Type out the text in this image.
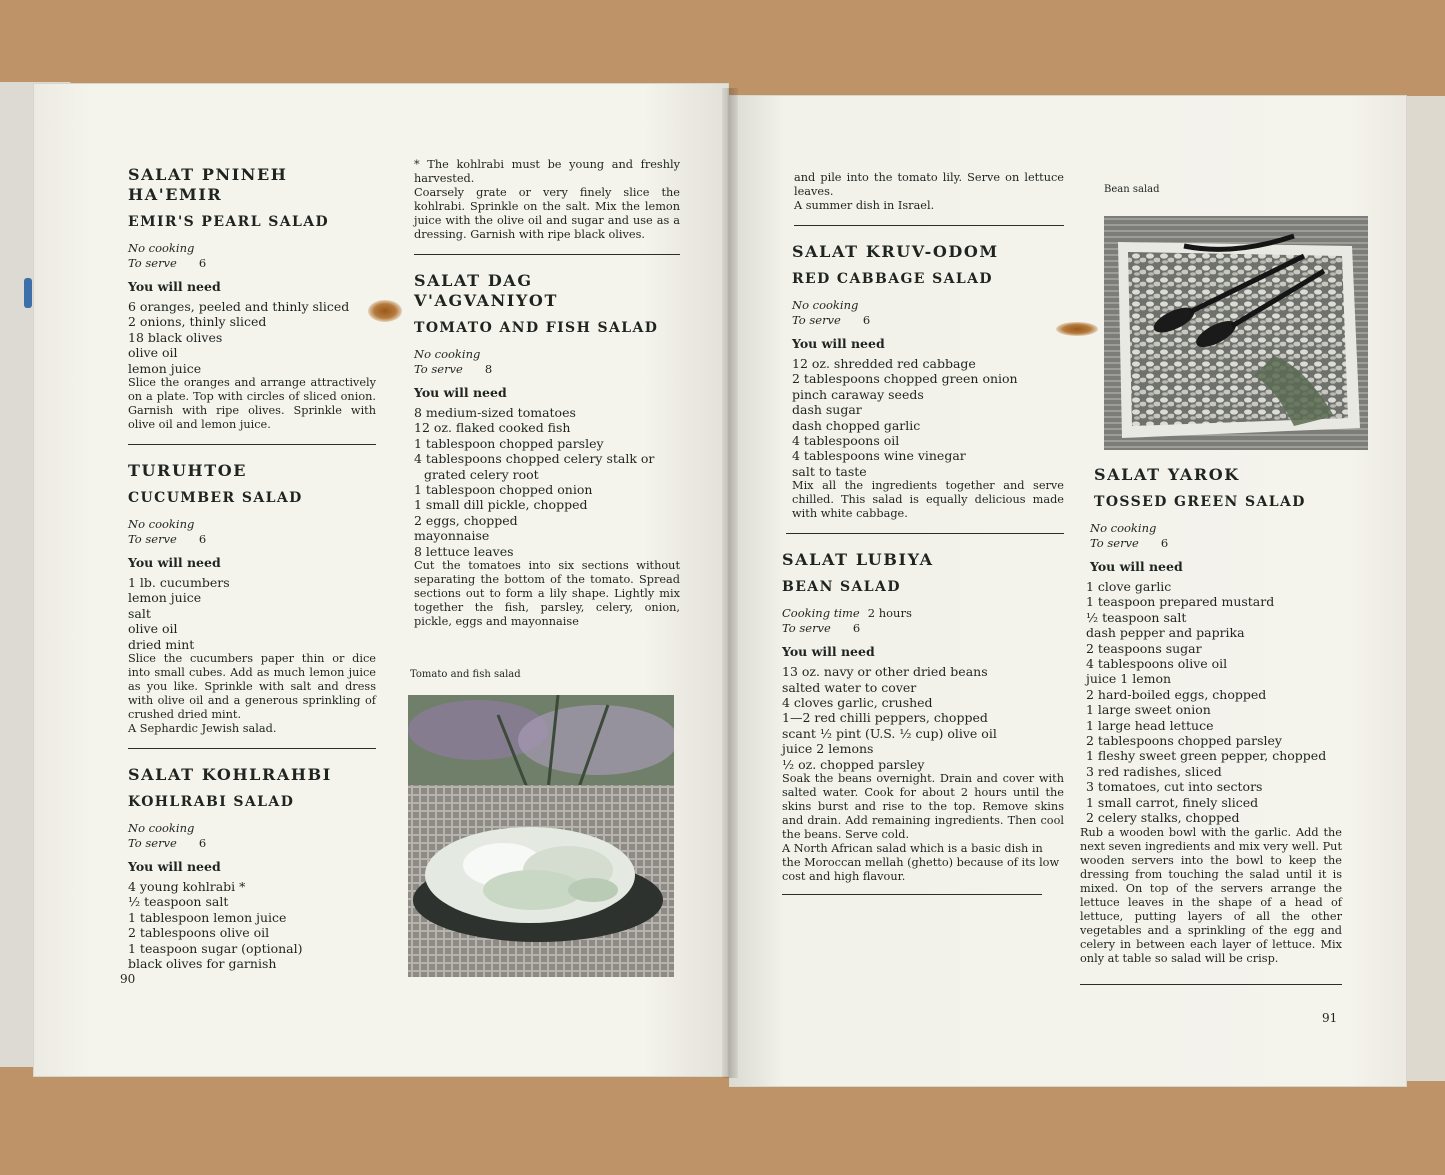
SALAT PNINEH HA'EMIR
EMIR'S PEARL SALAD
No cooking
To serve 6
You will need

6 oranges, peeled and thinly sliced

2 onions, thinly sliced

18 black olives

olive oil

lemon juice

Slice the oranges and arrange attractively on a plate. Top with circles of sliced onion. Garnish with ripe olives. Sprinkle with olive oil and lemon juice.

TURUHTOE
CUCUMBER SALAD
No cooking
To serve 6
You will need

1 lb. cucumbers

lemon juice

salt

olive oil

dried mint

Slice the cucumbers paper thin or dice into small cubes. Add as much lemon juice as you like. Sprinkle with salt and dress with olive oil and a generous sprinkling of crushed dried mint.

A Sephardic Jewish salad.

SALAT KOHLRAHBI
KOHLRABI SALAD
No cooking
To serve 6
You will need

4 young kohlrabi *

½ teaspoon salt

1 tablespoon lemon juice

2 tablespoons olive oil

1 teaspoon sugar (optional)

black olives for garnish

* The kohlrabi must be young and freshly harvested.

Coarsely grate or very finely slice the kohlrabi. Sprinkle on the salt. Mix the lemon juice with the olive oil and sugar and use as a dressing. Garnish with ripe black olives.

SALAT DAG V'AGVANIYOT
TOMATO AND FISH SALAD
No cooking
To serve 8
You will need

8 medium-sized tomatoes

12 oz. flaked cooked fish

1 tablespoon chopped parsley

4 tablespoons chopped celery stalk or

grated celery root

1 tablespoon chopped onion

1 small dill pickle, chopped

2 eggs, chopped

mayonnaise

8 lettuce leaves

Cut the tomatoes into six sections without separating the bottom of the tomato. Spread sections out to form a lily shape. Lightly mix together the fish, parsley, celery, onion, pickle, eggs and mayonnaise

Tomato and fish salad
90

and pile into the tomato lily. Serve on lettuce leaves.

A summer dish in Israel.

SALAT KRUV-ODOM
RED CABBAGE SALAD
No cooking
To serve 6
You will need

12 oz. shredded red cabbage

2 tablespoons chopped green onion

pinch caraway seeds

dash sugar

dash chopped garlic

4 tablespoons oil

4 tablespoons wine vinegar

salt to taste

Mix all the ingredients together and serve chilled. This salad is equally delicious made with white cabbage.

SALAT LUBIYA
BEAN SALAD
Cooking time 2 hours
To serve 6
You will need

13 oz. navy or other dried beans

salted water to cover

4 cloves garlic, crushed

1—2 red chilli peppers, chopped

scant ½ pint (U.S. ½ cup) olive oil

juice 2 lemons

½ oz. chopped parsley

Soak the beans overnight. Drain and cover with salted water. Cook for about 2 hours until the skins burst and rise to the top. Remove skins and drain. Add remaining ingredients. Then cool the beans. Serve cold.

A North African salad which is a basic dish in the Moroccan mellah (ghetto) because of its low cost and high flavour.

Bean salad
SALAT YAROK
TOSSED GREEN SALAD
No cooking
To serve 6
You will need

1 clove garlic

1 teaspoon prepared mustard

½ teaspoon salt

dash pepper and paprika

2 teaspoons sugar

4 tablespoons olive oil

juice 1 lemon

2 hard-boiled eggs, chopped

1 large sweet onion

1 large head lettuce

2 tablespoons chopped parsley

1 fleshy sweet green pepper, chopped

3 red radishes, sliced

3 tomatoes, cut into sectors

1 small carrot, finely sliced

2 celery stalks, chopped

Rub a wooden bowl with the garlic. Add the next seven ingredients and mix very well. Put wooden servers into the bowl to keep the dressing from touching the salad until it is mixed. On top of the servers arrange the lettuce leaves in the shape of a head of lettuce, putting layers of all the other vegetables and a sprinkling of the egg and celery in between each layer of lettuce. Mix only at table so salad will be crisp.

91
